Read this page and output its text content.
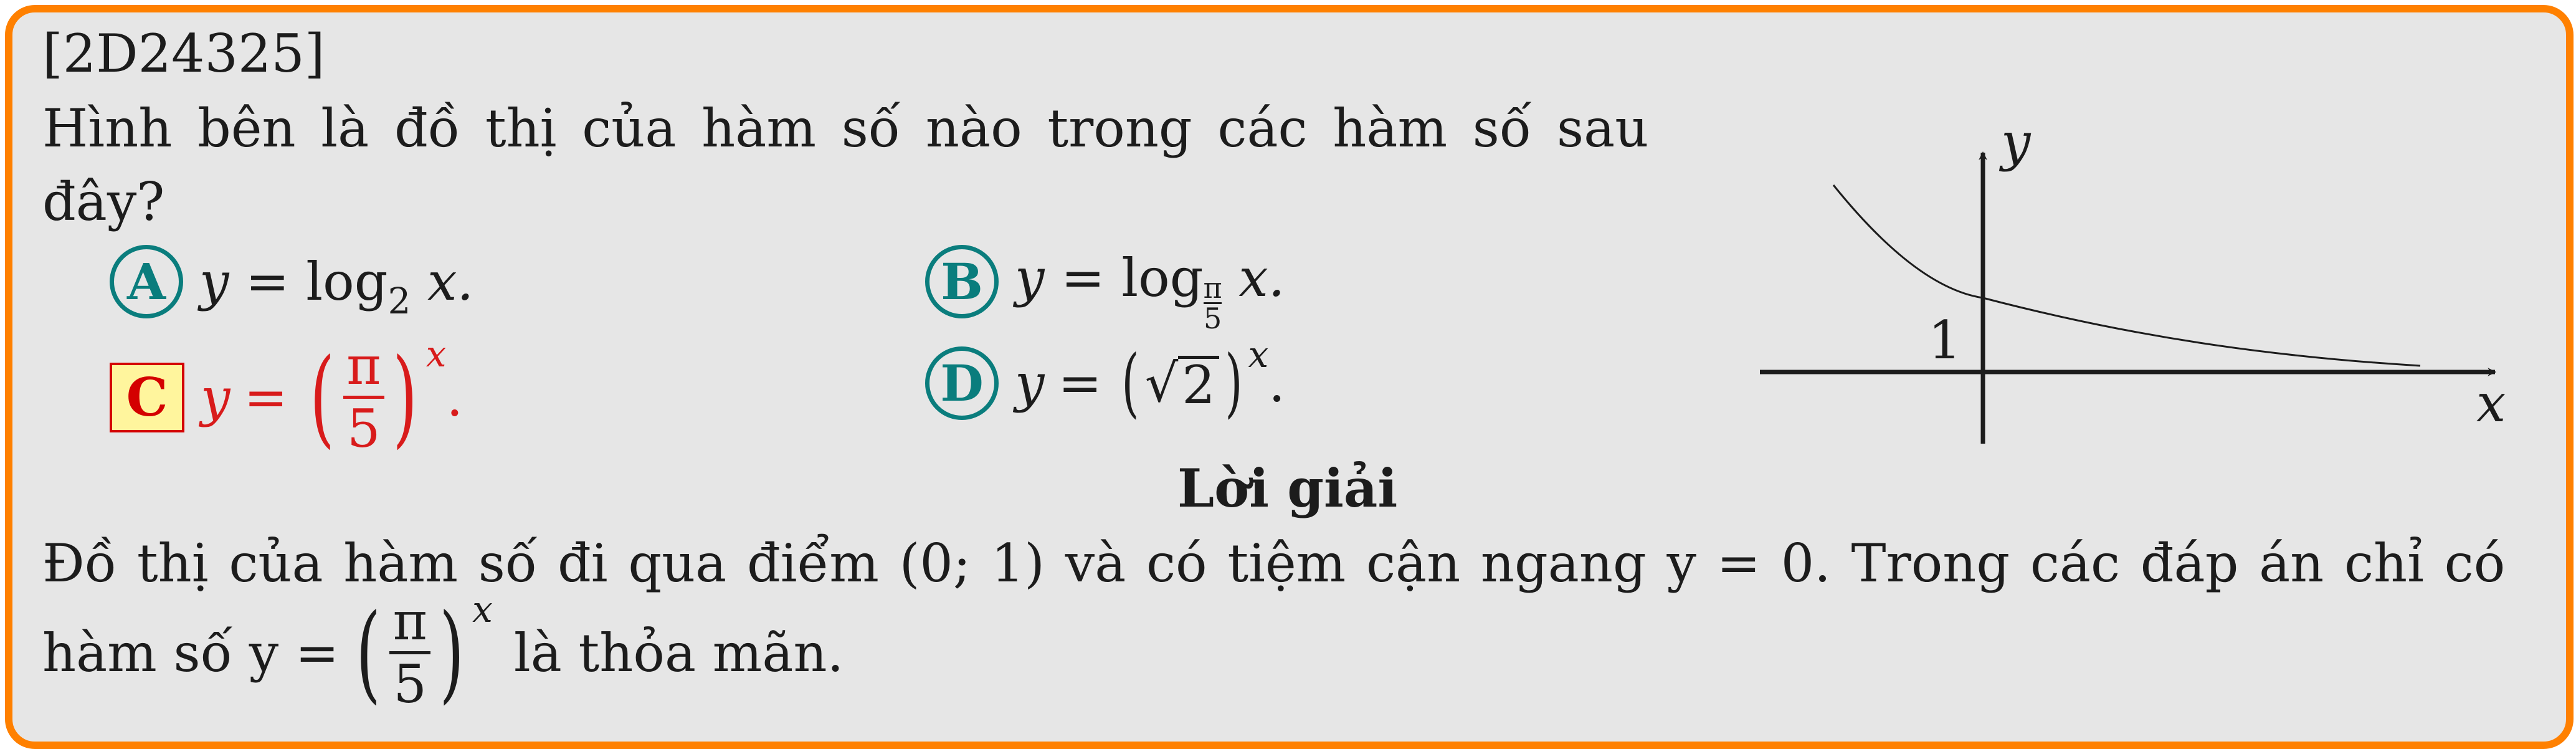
[2D24325]
Hình bên là đồ thị của hàm số nào trong các hàm số sau
đây?
A $y = \log_2 x$.	B $y = \log \frac{\pi}{5} x$.
C y = ( $\frac{\pi}{5}$ ) x
.	D y = ( √ 2 ) x .
y
x
1
Lời giải
Đồ thị của hàm số đi qua điểm (0; 1) và có tiệm cận ngang y = 0. Trong các đáp án chỉ có
hàm số y = ( $\frac{\pi}{5}$ ) x
là thỏa mãn.
